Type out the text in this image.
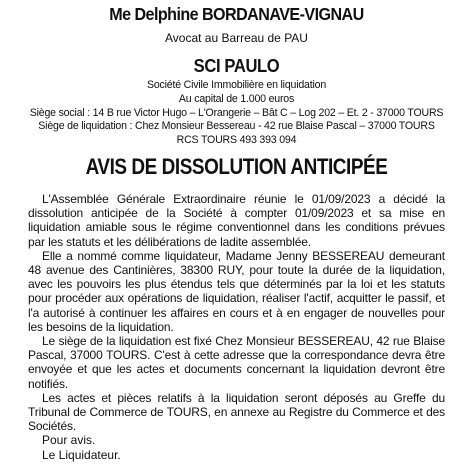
Me Delphine BORDANAVE-VIGNAU
Avocat au Barreau de PAU
SCI PAULO
Société Civile Immobilière en liquidation
Au capital de 1.000 euros
Siège social : 14 B rue Victor Hugo – L'Orangerie – Bât C – Log 202 – Et. 2 - 37000 TOURS
Siège de liquidation : Chez Monsieur Bessereau - 42 rue Blaise Pascal – 37000 TOURS
RCS TOURS 493 393 094
AVIS DE DISSOLUTION ANTICIPÉE

L'Assemblée Générale Extraordinaire réunie le 01/09/2023 a décidé la dissolution anticipée de la Société à compter 01/09/2023 et sa mise en liquidation amiable sous le régime conventionnel dans les conditions prévues par les statuts et les délibérations de ladite assemblée.

Elle a nommé comme liquidateur, Madame Jenny BESSEREAU demeurant 48 avenue des Cantinières, 38300 RUY, pour toute la durée de la liquidation, avec les pouvoirs les plus étendus tels que déterminés par la loi et les statuts pour procéder aux opérations de liquidation, réaliser l'actif, acquitter le passif, et l'a autorisé à continuer les affaires en cours et à en engager de nouvelles pour les besoins de la liquidation.

Le siège de la liquidation est fixé Chez Monsieur BESSEREAU, 42 rue Blaise Pascal, 37000 TOURS. C'est à cette adresse que la correspondance devra être envoyée et que les actes et documents concernant la liquidation devront être notifiés.

Les actes et pièces relatifs à la liquidation seront déposés au Greffe du Tribunal de Commerce de TOURS, en annexe au Registre du Commerce et des Sociétés.

Pour avis.

Le Liquidateur.
